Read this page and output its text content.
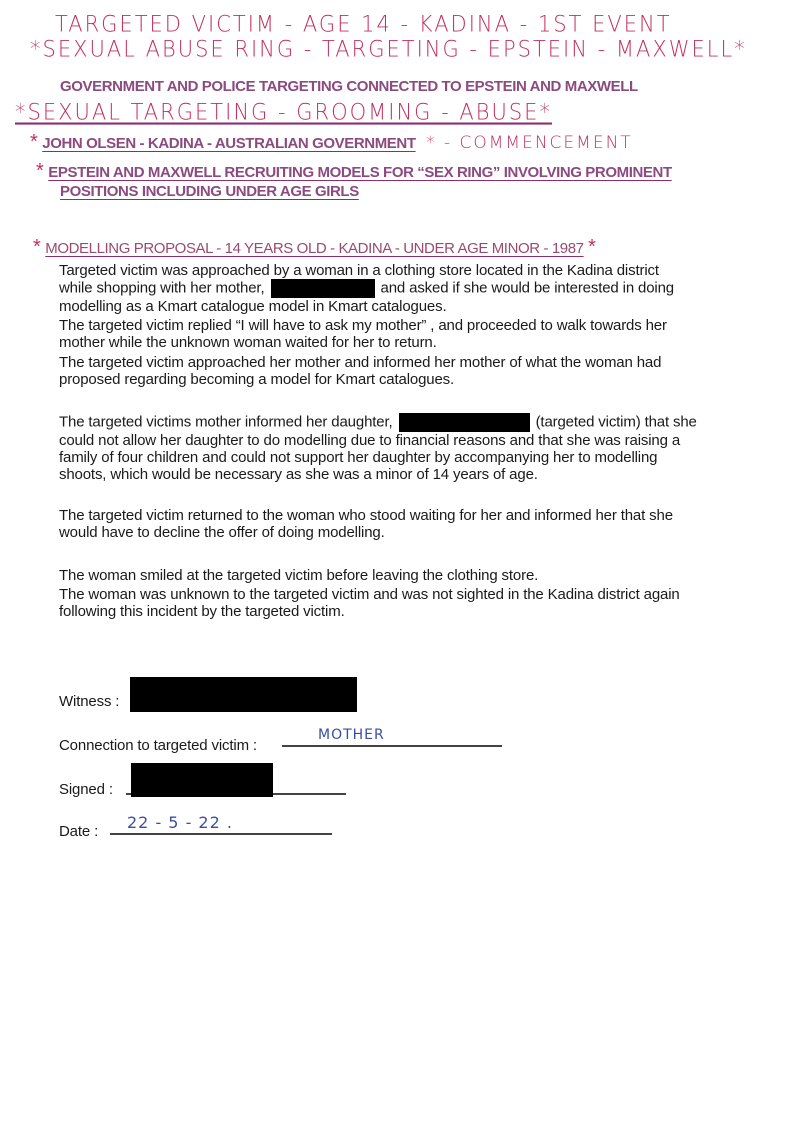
TARGETED VICTIM - AGE 14 - KADINA - 1ST EVENT
*SEXUAL ABUSE RING - TARGETING - EPSTEIN - MAXWELL*
GOVERNMENT AND POLICE TARGETING CONNECTED TO EPSTEIN AND MAXWELL
*SEXUAL TARGETING - GROOMING - ABUSE*
* JOHN OLSEN - KADINA - AUSTRALIAN GOVERNMENT * - COMMENCEMENT
* EPSTEIN AND MAXWELL RECRUITING MODELS FOR “SEX RING” INVOLVING PROMINENT
POSITIONS INCLUDING UNDER AGE GIRLS
* MODELLING PROPOSAL - 14 YEARS OLD - KADINA - UNDER AGE MINOR - 1987 *
Targeted victim was approached by a woman in a clothing store located in the Kadina district
while shopping with her mother,	and asked if she would be interested in doing
modelling as a Kmart catalogue model in Kmart catalogues.
The targeted victim replied “I will have to ask my mother” , and proceeded to walk towards her
mother while the unknown woman waited for her to return.
The targeted victim approached her mother and informed her mother of what the woman had
proposed regarding becoming a model for Kmart catalogues.
The targeted victims mother informed her daughter,	(targeted victim) that she
could not allow her daughter to do modelling due to financial reasons and that she was raising a
family of four children and could not support her daughter by accompanying her to modelling
shoots, which would be necessary as she was a minor of 14 years of age.
The targeted victim returned to the woman who stood waiting for her and informed her that she
would have to decline the offer of doing modelling.
The woman smiled at the targeted victim before leaving the clothing store.
The woman was unknown to the targeted victim and was not sighted in the Kadina district again
following this incident by the targeted victim.
Witness :
Connection to targeted victim :
MOTHER
Signed :
Date : 22 - 5 - 22 .
